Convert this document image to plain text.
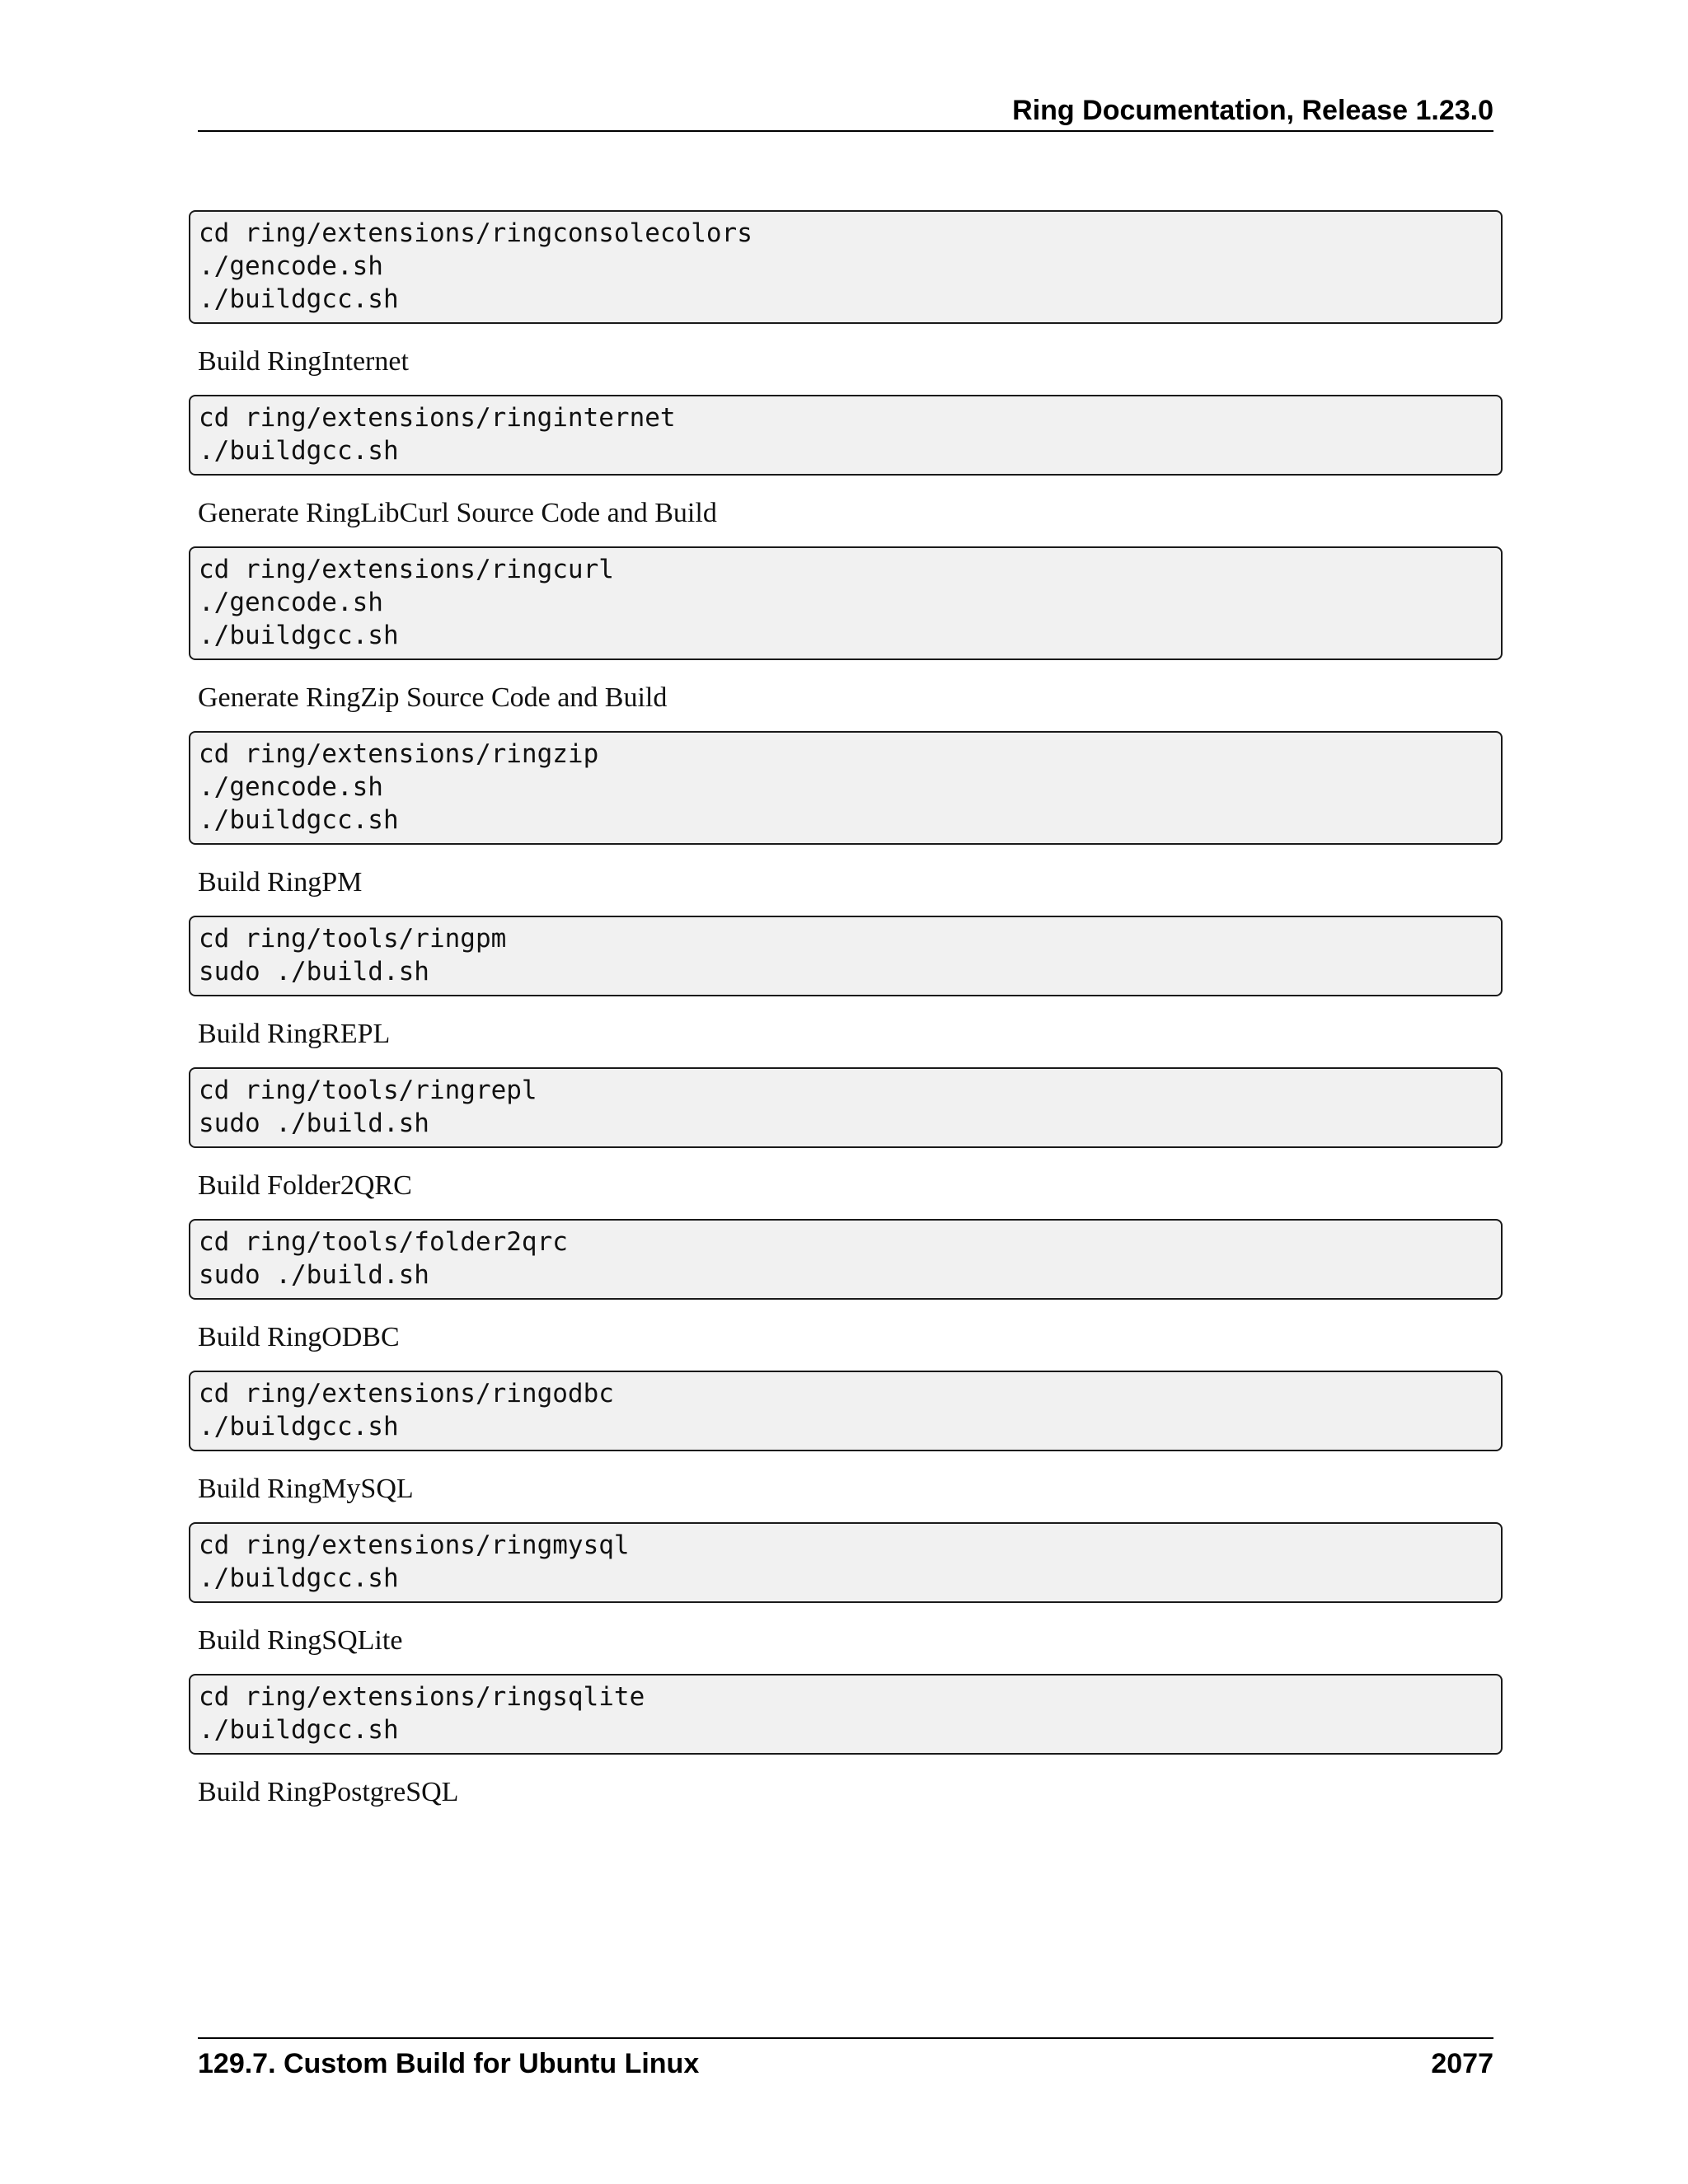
Ring Documentation, Release 1.23.0
cd ring/extensions/ringconsolecolors
./gencode.sh
./buildgcc.sh

Build RingInternet

cd ring/extensions/ringinternet
./buildgcc.sh

Generate RingLibCurl Source Code and Build

cd ring/extensions/ringcurl
./gencode.sh
./buildgcc.sh

Generate RingZip Source Code and Build

cd ring/extensions/ringzip
./gencode.sh
./buildgcc.sh

Build RingPM

cd ring/tools/ringpm
sudo ./build.sh

Build RingREPL

cd ring/tools/ringrepl
sudo ./build.sh

Build Folder2QRC

cd ring/tools/folder2qrc
sudo ./build.sh

Build RingODBC

cd ring/extensions/ringodbc
./buildgcc.sh

Build RingMySQL

cd ring/extensions/ringmysql
./buildgcc.sh

Build RingSQLite

cd ring/extensions/ringsqlite
./buildgcc.sh

Build RingPostgreSQL

129.7. Custom Build for Ubuntu Linux	2077
